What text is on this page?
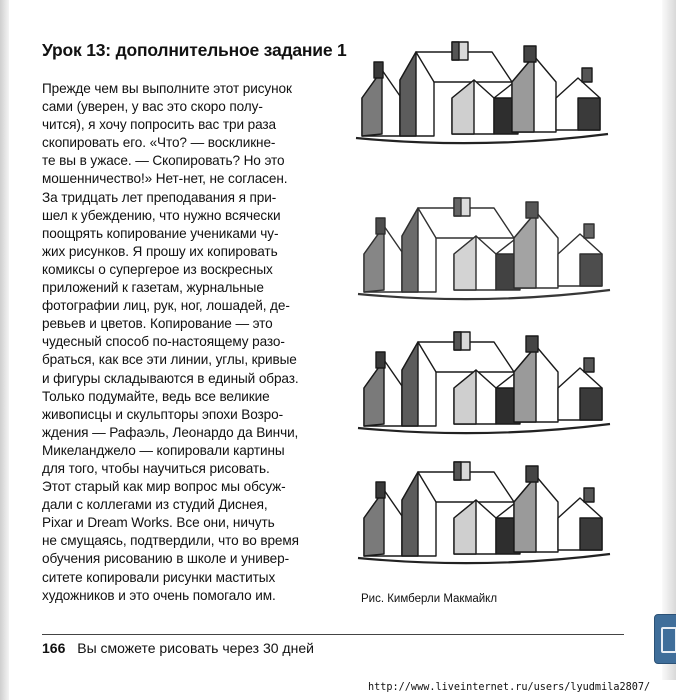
Урок 13: дополнительное задание 1
Прежде чем вы выполните этот рисунок
сами (уверен, у вас это скоро полу-
чится), я хочу попросить вас три раза
скопировать его. «Что? — воскликне-
те вы в ужасе. — Скопировать? Но это
мошенничество!» Нет-нет, не согласен.
За тридцать лет преподавания я при-
шел к убеждению, что нужно всячески
поощрять копирование учениками чу-
жих рисунков. Я прошу их копировать
комиксы о супергерое из воскресных
приложений к газетам, журнальные
фотографии лиц, рук, ног, лошадей, де-
ревьев и цветов. Копирование — это
чудесный способ по-настоящему разо-
браться, как все эти линии, углы, кривые
и фигуры складываются в единый образ.
Только подумайте, ведь все великие
живописцы и скульпторы эпохи Возро-
ждения — Рафаэль, Леонардо да Винчи,
Микеланджело — копировали картины
для того, чтобы научиться рисовать.
Этот старый как мир вопрос мы обсуж-
дали с коллегами из студий Диснея,
Pixar и Dream Works. Все они, ничуть
не смущаясь, подтвердили, что во время
обучения рисованию в школе и универ-
ситете копировали рисунки маститых
художников и это очень помогало им.	Рис. Кимберли Макмайкл
166 Вы сможете рисовать через 30 дней
http://www.liveinternet.ru/users/lyudmila2807/
